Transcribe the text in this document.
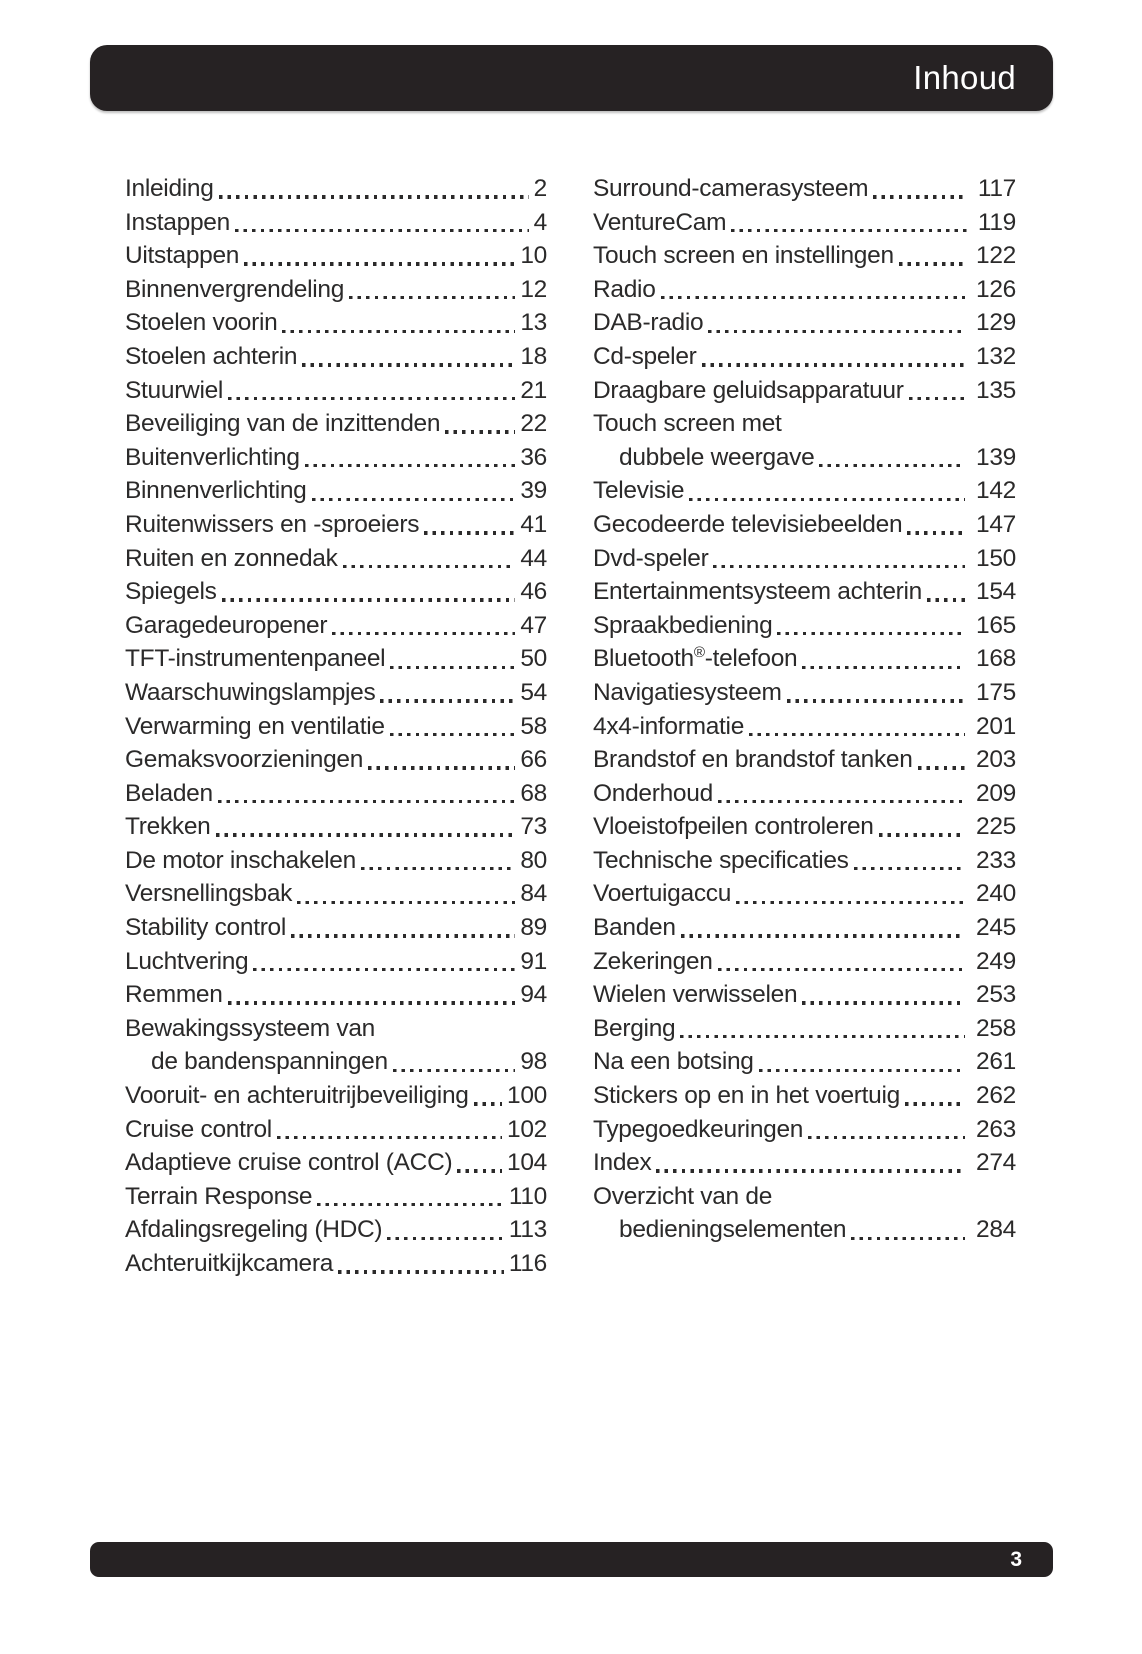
Inhoud
Inleiding	2
Instappen	4
Uitstappen	10
Binnenvergrendeling	12
Stoelen voorin	13
Stoelen achterin	18
Stuurwiel	21
Beveiliging van de inzittenden	22
Buitenverlichting	36
Binnenverlichting	39
Ruitenwissers en -sproeiers	41
Ruiten en zonnedak	44
Spiegels	46
Garagedeuropener	47
TFT-instrumentenpaneel	50
Waarschuwingslampjes	54
Verwarming en ventilatie	58
Gemaksvoorzieningen	66
Beladen	68
Trekken	73
De motor inschakelen	80
Versnellingsbak	84
Stability control	89
Luchtvering	91
Remmen	94
Bewakingssysteem van
de bandenspanningen	98
Vooruit- en achteruitrijbeveiliging 100
Cruise control	102
Adaptieve cruise control (ACC) 104
Terrain Response	110
Afdalingsregeling (HDC)	113
Achteruitkijkcamera	116
Surround-camerasysteem	117
VentureCam	119
Touch screen en instellingen	122
Radio	126
DAB-radio	129
Cd-speler	132
Draagbare geluidsapparatuur	135
Touch screen met
dubbele weergave	139
Televisie	142
Gecodeerde televisiebeelden	147
Dvd-speler	150
Entertainmentsysteem achterin 154
Spraakbediening	165
Bluetooth®-telefoon	168
Navigatiesysteem	175
4x4-informatie	201
Brandstof en brandstof tanken	203
Onderhoud	209
Vloeistofpeilen controleren	225
Technische specificaties	233
Voertuigaccu	240
Banden	245
Zekeringen	249
Wielen verwisselen	253
Berging	258
Na een botsing	261
Stickers op en in het voertuig	262
Typegoedkeuringen	263
Index	274
Overzicht van de
bedieningselementen	284
3
